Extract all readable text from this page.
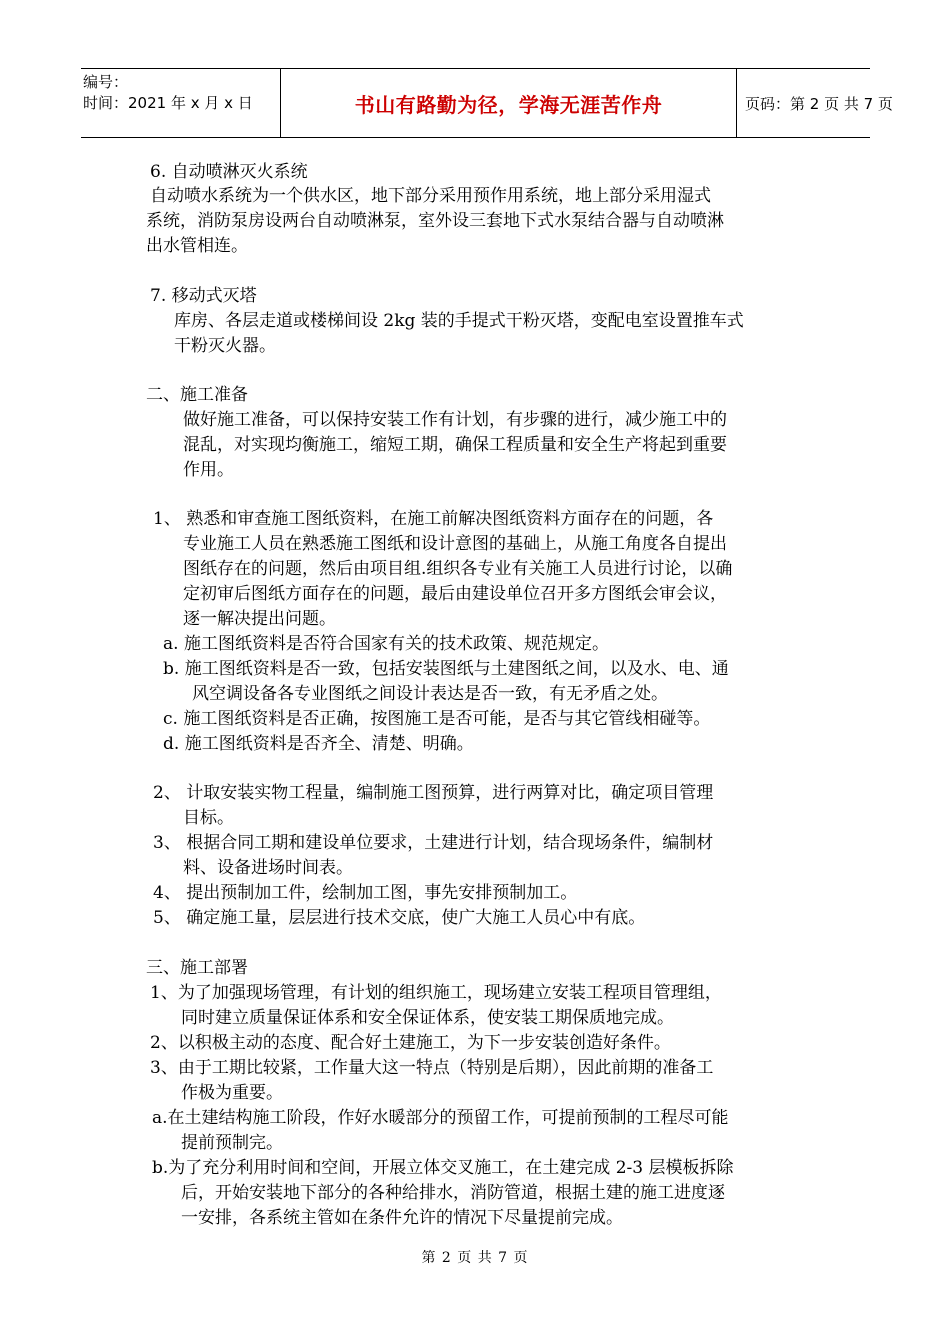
编号：
时间：2021 年 x 月 x 日	书山有路勤为径，学海无涯苦作舟	页码：第 2 页 共 7 页
6. 自动喷淋灭火系统
自动喷水系统为一个供水区，地下部分采用预作用系统，地上部分采用湿式
系统，消防泵房设两台自动喷淋泵，室外设三套地下式水泵结合器与自动喷淋
出水管相连。
7. 移动式灭塔
库房、各层走道或楼梯间设 2kg 装的手提式干粉灭塔，变配电室设置推车式
干粉灭火器。
二、施工准备
做好施工准备，可以保持安装工作有计划，有步骤的进行，减少施工中的
混乱，对实现均衡施工，缩短工期，确保工程质量和安全生产将起到重要
作用。
1、 熟悉和审查施工图纸资料，在施工前解决图纸资料方面存在的问题，各
专业施工人员在熟悉施工图纸和设计意图的基础上，从施工角度各自提出
图纸存在的问题，然后由项目组.组织各专业有关施工人员进行讨论，以确
定初审后图纸方面存在的问题，最后由建设单位召开多方图纸会审会议，
逐一解决提出问题。
a. 施工图纸资料是否符合国家有关的技术政策、规范规定。
b. 施工图纸资料是否一致，包括安装图纸与土建图纸之间，以及水、电、通
风空调设备各专业图纸之间设计表达是否一致，有无矛盾之处。
c. 施工图纸资料是否正确，按图施工是否可能，是否与其它管线相碰等。
d. 施工图纸资料是否齐全、清楚、明确。
2、 计取安装实物工程量，编制施工图预算，进行两算对比，确定项目管理
目标。
3、 根据合同工期和建设单位要求，土建进行计划，结合现场条件，编制材
料、设备进场时间表。
4、 提出预制加工件，绘制加工图，事先安排预制加工。
5、 确定施工量，层层进行技术交底，使广大施工人员心中有底。
三、施工部署
1、为了加强现场管理，有计划的组织施工，现场建立安装工程项目管理组，
同时建立质量保证体系和安全保证体系，使安装工期保质地完成。
2、以积极主动的态度、配合好土建施工，为下一步安装创造好条件。
3、由于工期比较紧，工作量大这一特点（特别是后期），因此前期的准备工
作极为重要。
a.在土建结构施工阶段，作好水暖部分的预留工作，可提前预制的工程尽可能
提前预制完。
b.为了充分利用时间和空间，开展立体交叉施工，在土建完成 2-3 层模板拆除
后，开始安装地下部分的各种给排水，消防管道，根据土建的施工进度逐
一安排，各系统主管如在条件允许的情况下尽量提前完成。
第 2 页 共 7 页
